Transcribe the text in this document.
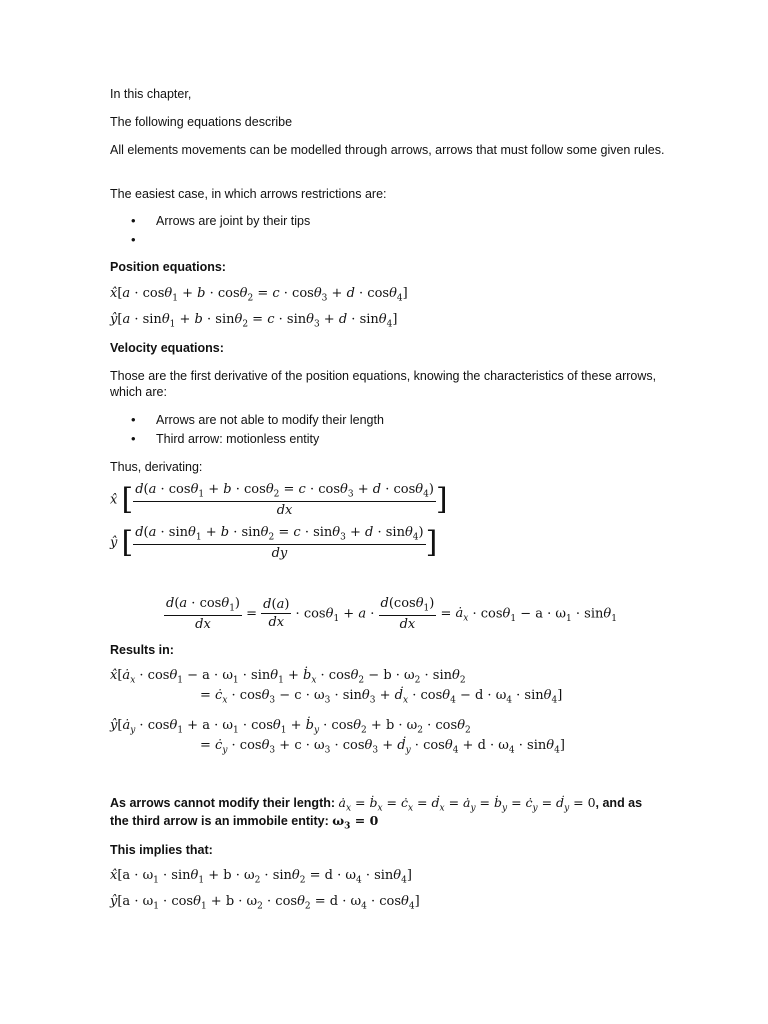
In this chapter,
The following equations describe
All elements movements can be modelled through arrows, arrows that must follow some given rules.
The easiest case, in which arrows restrictions are:
• Arrows are joint by their tips
•
Position equations:
x̂[a · cosθ$_1$ + b · cosθ$_2$ = c · cosθ$_3$ + d · cosθ$_4$]
ŷ[a · sinθ$_1$ + b · sinθ$_2$ = c · sinθ$_3$ + d · sinθ$_4$]
Velocity equations:
Those are the first derivative of the position equations, knowing the characteristics of these arrows, which are:
• Arrows are not able to modify their length
• Third arrow: motionless entity
Thus, derivating:
x̂ [ $\frac{d(a \cdot \cos\theta_1 + b \cdot \cos\theta_2 = c \cdot \cos\theta_3 + d \cdot \cos\theta_4)}{dx}$ ]
ŷ [ $\frac{d(a \cdot \sin\theta_1 + b \cdot \sin\theta_2 = c \cdot \sin\theta_3 + d \cdot \sin\theta_4)}{dy}$ ]
$\frac{d(a \cdot \cos\theta_1)}{dx} = \frac{d(a)}{dx} \cdot \cos\theta_1 + a \cdot \frac{d(\cos\theta_1)}{dx}$ = $ȧ_x \cdot \cos\theta_1 - a \cdot \omega_1 \cdot \sin\theta_1$
Results in:
$x̂[ȧ_x \cdot \cos\theta_1 - a \cdot \omega_1 \cdot \sin\theta_1$ + ḃ$_x$ · $\cos\theta_2 - b \cdot \omega_2 \cdot \sin\theta_2$
= $ċ_x \cdot \cos\theta_3 - c \cdot \omega_3 \cdot \sin\theta_3$ + ḋ$_x$ · $\cos\theta_4 - d \cdot \omega_4 \cdot \sin\theta_4$]
$ŷ[ȧ_y \cdot \cos\theta_1 + a \cdot \omega_1 \cdot \cos\theta_1$ + ḃ$_y$ · $\cos\theta_2 + b \cdot \omega_2 \cdot \cos\theta_2$
= $ċ_y \cdot \cos\theta_3 + c \cdot \omega_3 \cdot \cos\theta_3$ + ḋ$_y$ · $\cos\theta_4 + d \cdot \omega_4 \cdot \sin\theta_4$]
As arrows cannot modify their length: $ȧ_x$ = ḃ$_x$ = $ċ_x$ = ḋ$_x$ = $ȧ_y$ = ḃ$_y$ = $ċ_y$ = ḋ$_y$ = 0, and as
the third arrow is an immobile entity: $\omega_3 = 0$
This implies that:
x̂[a · $\omega_1 \cdot \sin\theta_1 + b \cdot \omega_2 \cdot \sin\theta_2 = d \cdot \omega_4 \cdot \sin\theta_4$]
ŷ[a · $\omega_1 \cdot \cos\theta_1 + b \cdot \omega_2 \cdot \cos\theta_2 = d \cdot \omega_4 \cdot \cos\theta_4$]
